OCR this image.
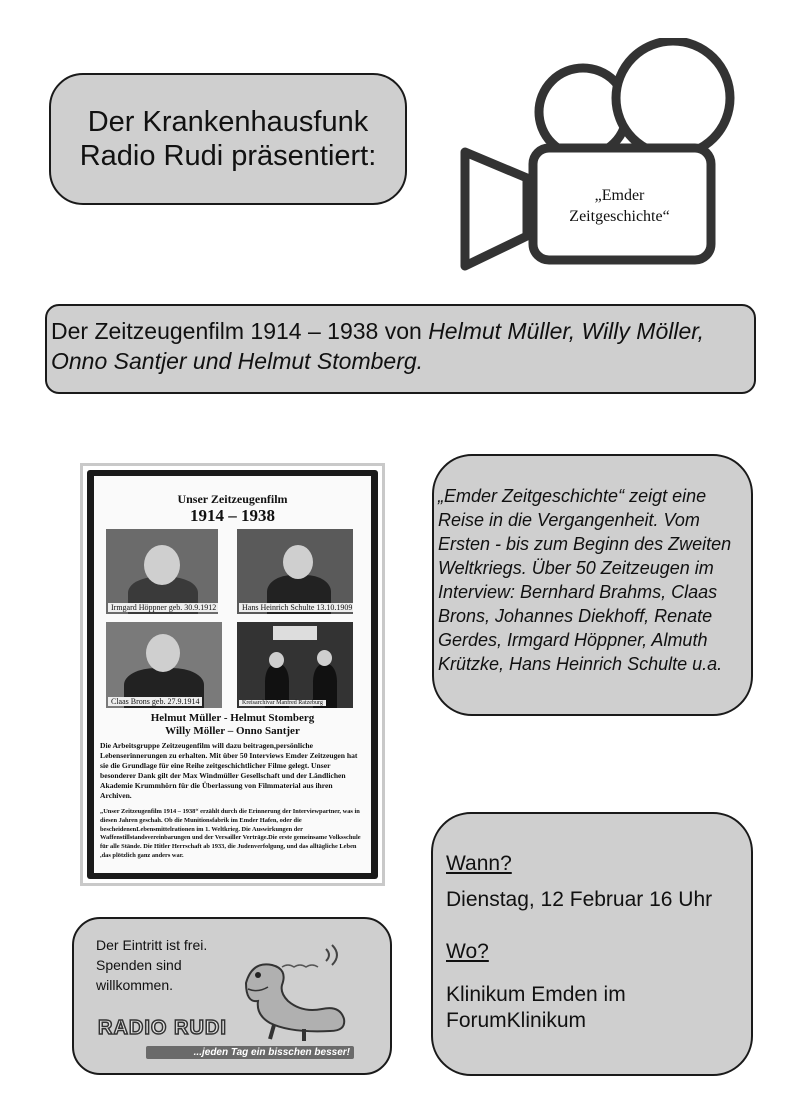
Der Krankenhausfunk
Radio Rudi präsentiert:
„Emder
Zeitgeschichte“
Der Zeitzeugenfilm 1914 – 1938 von Helmut Müller, Willy Möller, Onno Santjer und Helmut Stomberg.
Unser Zeitzeugenfilm
1914 – 1938
Irmgard Höppner geb. 30.9.1912	Hans Heinrich Schulte 13.10.1909
Claas Brons geb. 27.9.1914	Kreisarchivar Manfred Ratzeburg
Helmut Müller - Helmut Stomberg
Willy Möller – Onno Santjer
Die Arbeitsgruppe Zeitzeugenfilm will dazu beitragen,persönliche Lebenserinnerungen zu erhalten. Mit über 50 Interviews Emder Zeitzeugen hat sie die Grundlage für eine Reihe zeitgeschichtlicher Filme gelegt. Unser besonderer Dank gilt der Max Windmüller Gesellschaft und der Ländlichen Akademie Krummhörn für die Überlassung von Filmmaterial aus ihren Archiven.
„Unser Zeitzeugenfilm 1914 – 1938“ erzählt durch die Erinnerung der Interviewpartner, was in diesen Jahren geschah. Ob die Munitionsfabrik im Emder Hafen, oder die bescheidenenLebensmittelrationen im 1. Weltkrieg. Die Auswirkungen der Waffenstillstandsvereinbarungen und der Versailler Verträge.Die erste gemeinsame Volksschule für alle Stände. Die Hitler Herrschaft ab 1933, die Judenverfolgung, und das alltägliche Leben ,das plötzlich ganz anders war.
„Emder Zeitgeschichte“ zeigt eine Reise in die Vergangenheit. Vom Ersten - bis zum Beginn des Zweiten Weltkriegs. Über 50 Zeitzeugen im Interview: Bernhard Brahms, Claas Brons, Johannes Diekhoff, Renate Gerdes, Irmgard Höppner, Almuth Krützke, Hans Heinrich Schulte u.a.
Der Eintritt ist frei.
Spenden sind
willkommen.
RADIO RUDI
...jeden Tag ein bisschen besser!
Wann?
Dienstag, 12 Februar 16 Uhr
Wo?
Klinikum Emden im
ForumKlinikum
